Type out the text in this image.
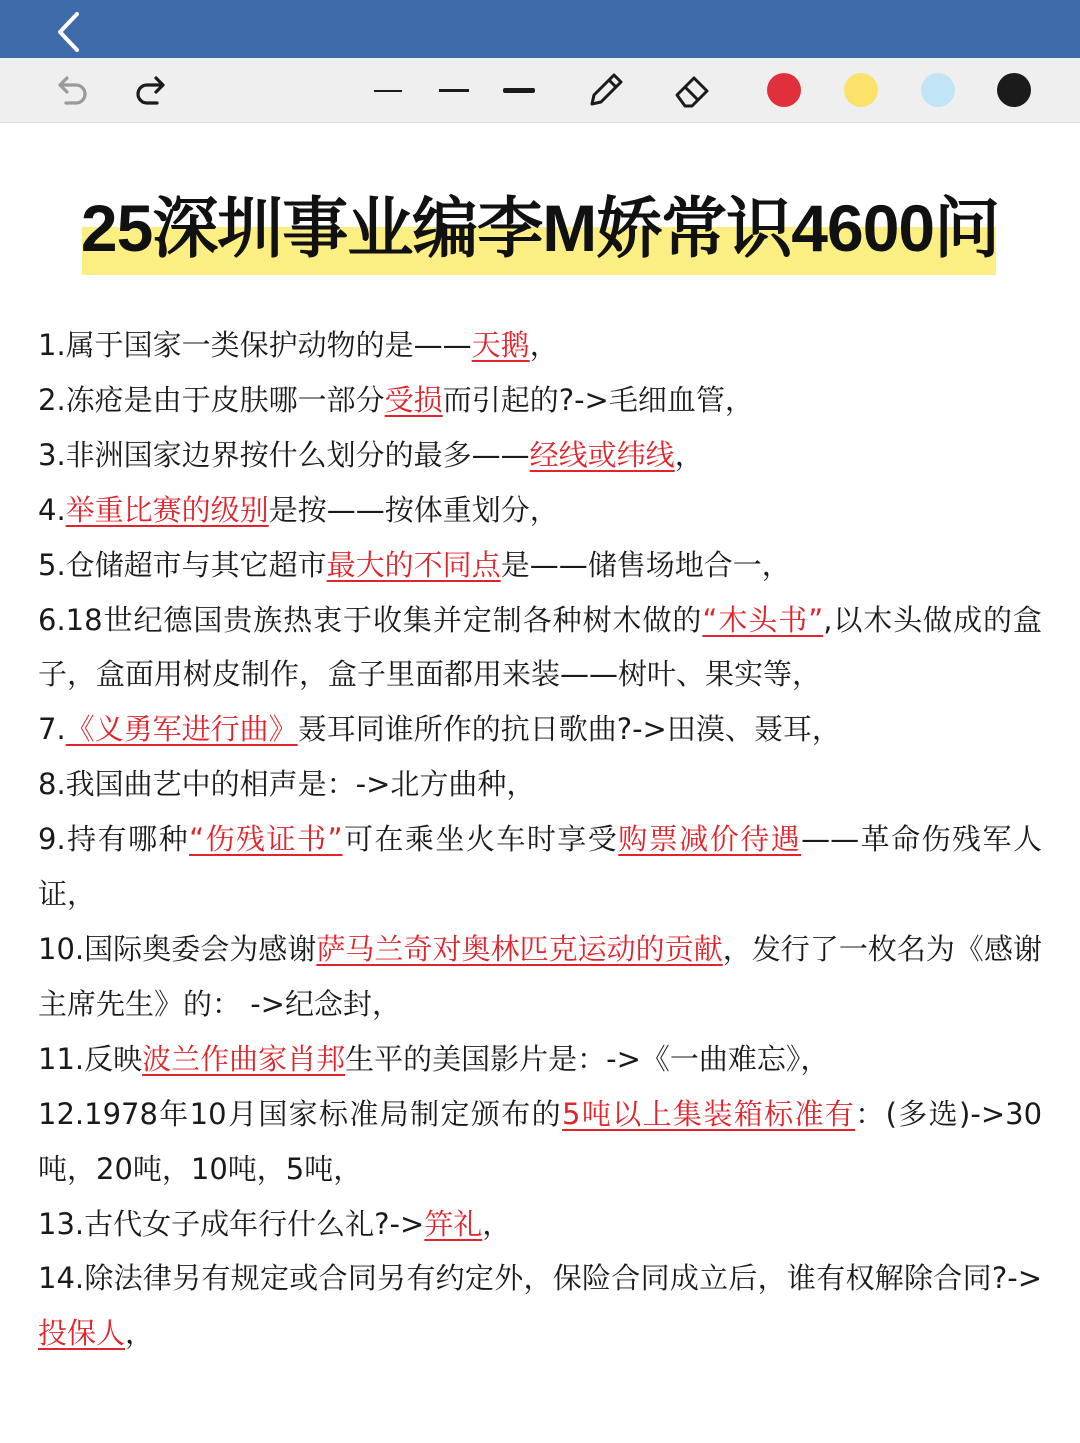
25深圳事业编李M娇常识4600问

1.属于国家一类保护动物的是——天鹅，

2.冻疮是由于皮肤哪一部分受损而引起的?->毛细血管，

3.非洲国家边界按什么划分的最多——经线或纬线，

4.举重比赛的级别是按——按体重划分，

5.仓储超市与其它超市最大的不同点是——储售场地合一，

6.18世纪德国贵族热衷于收集并定制各种树木做的“木头书”,以木头做成的盒子，盒面用树皮制作，盒子里面都用来装——树叶、果实等，

7.《义勇军进行曲》聂耳同谁所作的抗日歌曲?->田漠、聂耳，

8.我国曲艺中的相声是：->北方曲种，

9.持有哪种“伤残证书”可在乘坐火车时享受购票减价待遇——革命伤残军人证，

10.国际奥委会为感谢萨马兰奇对奥林匹克运动的贡献，发行了一枚名为《感谢主席先生》的： ->纪念封，

11.反映波兰作曲家肖邦生平的美国影片是：->《一曲难忘》，

12.1978年10月国家标准局制定颁布的5吨以上集装箱标准有：(多选)->30吨，20吨，10吨，5吨，

13.古代女子成年行什么礼?->笄礼，

14.除法律另有规定或合同另有约定外，保险合同成立后，谁有权解除合同?->投保人，
